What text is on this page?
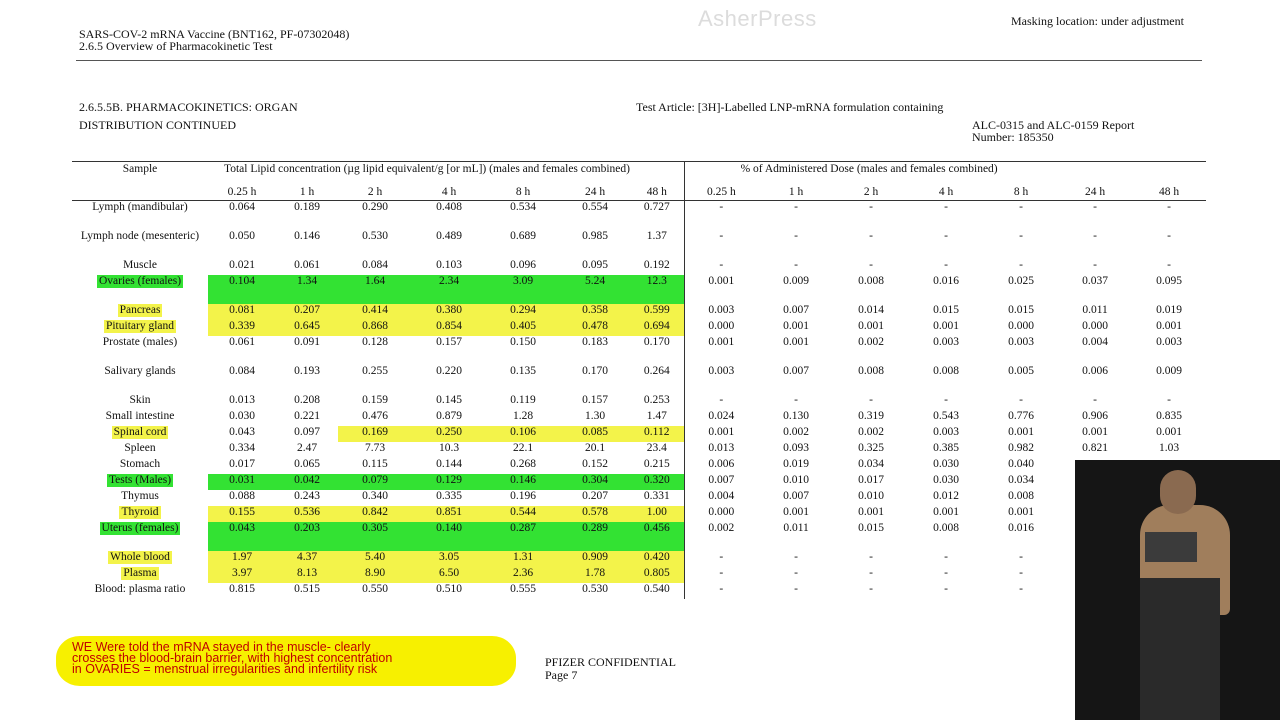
SARS-COV-2 mRNA Vaccine (BNT162, PF-07302048)
2.6.5 Overview of Pharmacokinetic Test
AsherPress	Masking location: under adjustment
2.6.5.5B. PHARMACOKINETICS: ORGAN
DISTRIBUTION CONTINUED
Test Article: [3H]-Labelled LNP-mRNA formulation containing
ALC-0315 and ALC-0159 Report
Number: 185350
Sample	Total Lipid concentration (µg lipid equivalent/g [or mL]) (males and females combined)							% of Administered Dose (males and females combined)						
	0.25 h	1 h	2 h	4 h	8 h	24 h	48 h	0.25 h	1 h	2 h	4 h	8 h	24 h	48 h
Lymph (mandibular)	0.064	0.189	0.290	0.408	0.534	0.554	0.727	-	-	-	-	-	-	-
Lymph node (mesenteric)	0.050	0.146	0.530	0.489	0.689	0.985	1.37	-	-	-	-	-	-	-
Muscle	0.021	0.061	0.084	0.103	0.096	0.095	0.192	-	-	-	-	-	-	-
Ovaries (females)	0.104	1.34	1.64	2.34	3.09	5.24	12.3	0.001	0.009	0.008	0.016	0.025	0.037	0.095
Pancreas	0.081	0.207	0.414	0.380	0.294	0.358	0.599	0.003	0.007	0.014	0.015	0.015	0.011	0.019
Pituitary gland	0.339	0.645	0.868	0.854	0.405	0.478	0.694	0.000	0.001	0.001	0.001	0.000	0.000	0.001
Prostate (males)	0.061	0.091	0.128	0.157	0.150	0.183	0.170	0.001	0.001	0.002	0.003	0.003	0.004	0.003
Salivary glands	0.084	0.193	0.255	0.220	0.135	0.170	0.264	0.003	0.007	0.008	0.008	0.005	0.006	0.009
Skin	0.013	0.208	0.159	0.145	0.119	0.157	0.253	-	-	-	-	-	-	-
Small intestine	0.030	0.221	0.476	0.879	1.28	1.30	1.47	0.024	0.130	0.319	0.543	0.776	0.906	0.835
Spinal cord	0.043	0.097	0.169	0.250	0.106	0.085	0.112	0.001	0.002	0.002	0.003	0.001	0.001	0.001
Spleen	0.334	2.47	7.73	10.3	22.1	20.1	23.4	0.013	0.093	0.325	0.385	0.982	0.821	1.03
Stomach	0.017	0.065	0.115	0.144	0.268	0.152	0.215	0.006	0.019	0.034	0.030	0.040		
Tests (Males)	0.031	0.042	0.079	0.129	0.146	0.304	0.320	0.007	0.010	0.017	0.030	0.034		
Thymus	0.088	0.243	0.340	0.335	0.196	0.207	0.331	0.004	0.007	0.010	0.012	0.008		
Thyroid	0.155	0.536	0.842	0.851	0.544	0.578	1.00	0.000	0.001	0.001	0.001	0.001		
Uterus (females)	0.043	0.203	0.305	0.140	0.287	0.289	0.456	0.002	0.011	0.015	0.008	0.016		
Whole blood	1.97	4.37	5.40	3.05	1.31	0.909	0.420	-	-	-	-	-		
Plasma	3.97	8.13	8.90	6.50	2.36	1.78	0.805	-	-	-	-	-		
Blood: plasma ratio	0.815	0.515	0.550	0.510	0.555	0.530	0.540	-	-	-	-	-		
PFIZER CONFIDENTIAL
Page 7
WE Were told the mRNA stayed in the muscle- clearly
crosses the blood-brain barrier, with highest concentration
in OVARIES = menstrual irregularities and infertility risk
